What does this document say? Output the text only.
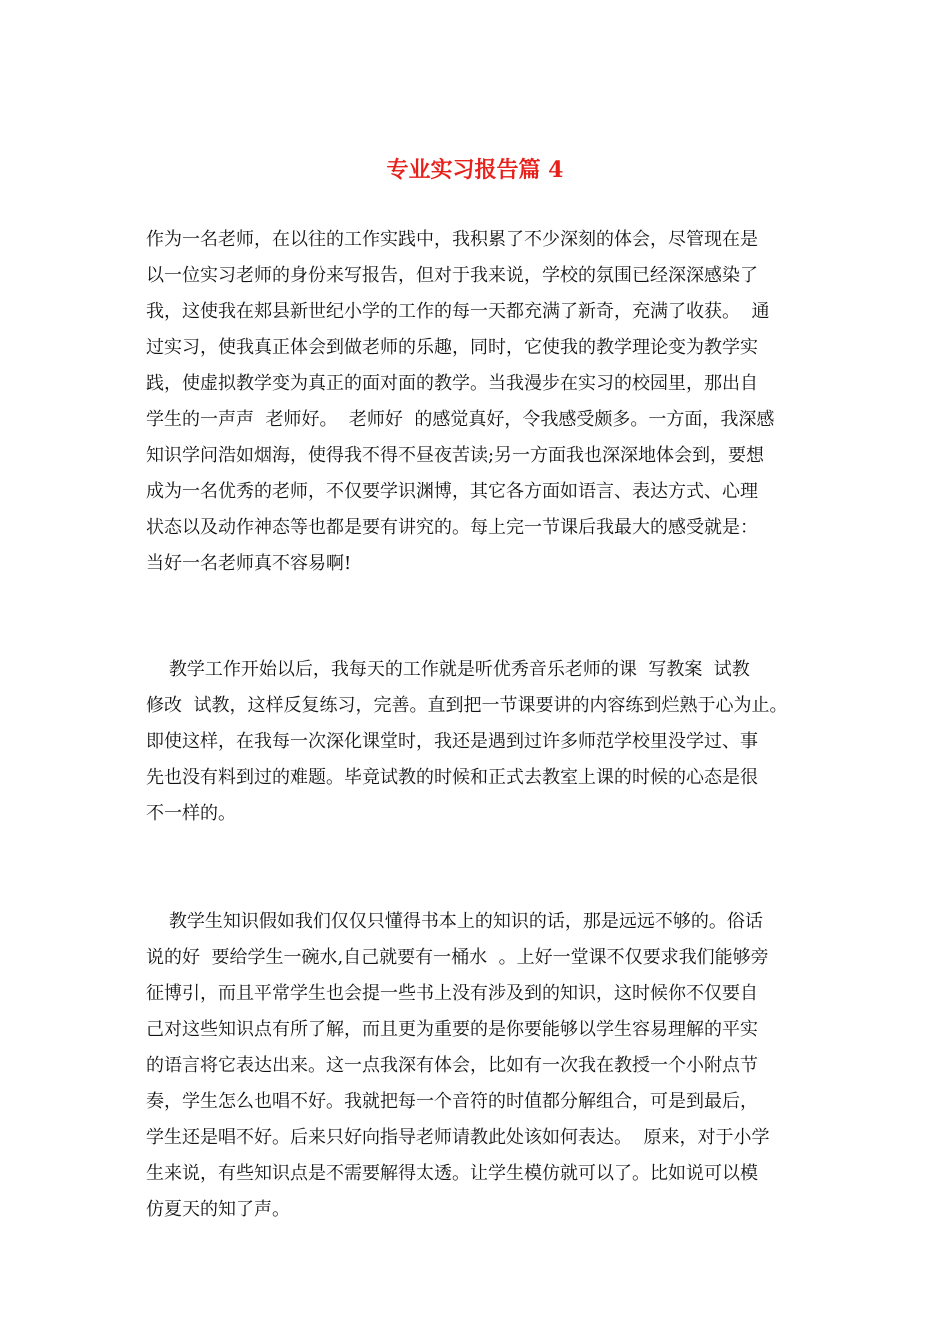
专业实习报告篇 4
作为一名老师，在以往的工作实践中，我积累了不少深刻的体会，尽管现在是
以一位实习老师的身份来写报告，但对于我来说，学校的氛围已经深深感染了
我，这使我在郏县新世纪小学的工作的每一天都充满了新奇，充满了收获。  通
过实习，使我真正体会到做老师的乐趣，同时，它使我的教学理论变为教学实
践，使虚拟教学变为真正的面对面的教学。当我漫步在实习的校园里，那出自
学生的一声声  老师好。  老师好  的感觉真好，令我感受颇多。一方面，我深感
知识学问浩如烟海，使得我不得不昼夜苦读;另一方面我也深深地体会到，要想
成为一名优秀的老师，不仅要学识渊博，其它各方面如语言、表达方式、心理
状态以及动作神态等也都是要有讲究的。每上完一节课后我最大的感受就是：
当好一名老师真不容易啊!
教学工作开始以后，我每天的工作就是听优秀音乐老师的课  写教案  试教
修改  试教，这样反复练习，完善。直到把一节课要讲的内容练到烂熟于心为止。
即使这样，在我每一次深化课堂时，我还是遇到过许多师范学校里没学过、事
先也没有料到过的难题。毕竟试教的时候和正式去教室上课的时候的心态是很
不一样的。
教学生知识假如我们仅仅只懂得书本上的知识的话，那是远远不够的。俗话
说的好  要给学生一碗水,自己就要有一桶水  。上好一堂课不仅要求我们能够旁
征博引，而且平常学生也会提一些书上没有涉及到的知识，这时候你不仅要自
己对这些知识点有所了解，而且更为重要的是你要能够以学生容易理解的平实
的语言将它表达出来。这一点我深有体会，比如有一次我在教授一个小附点节
奏，学生怎么也唱不好。我就把每一个音符的时值都分解组合，可是到最后，
学生还是唱不好。后来只好向指导老师请教此处该如何表达。  原来，对于小学
生来说，有些知识点是不需要解得太透。让学生模仿就可以了。比如说可以模
仿夏天的知了声。
